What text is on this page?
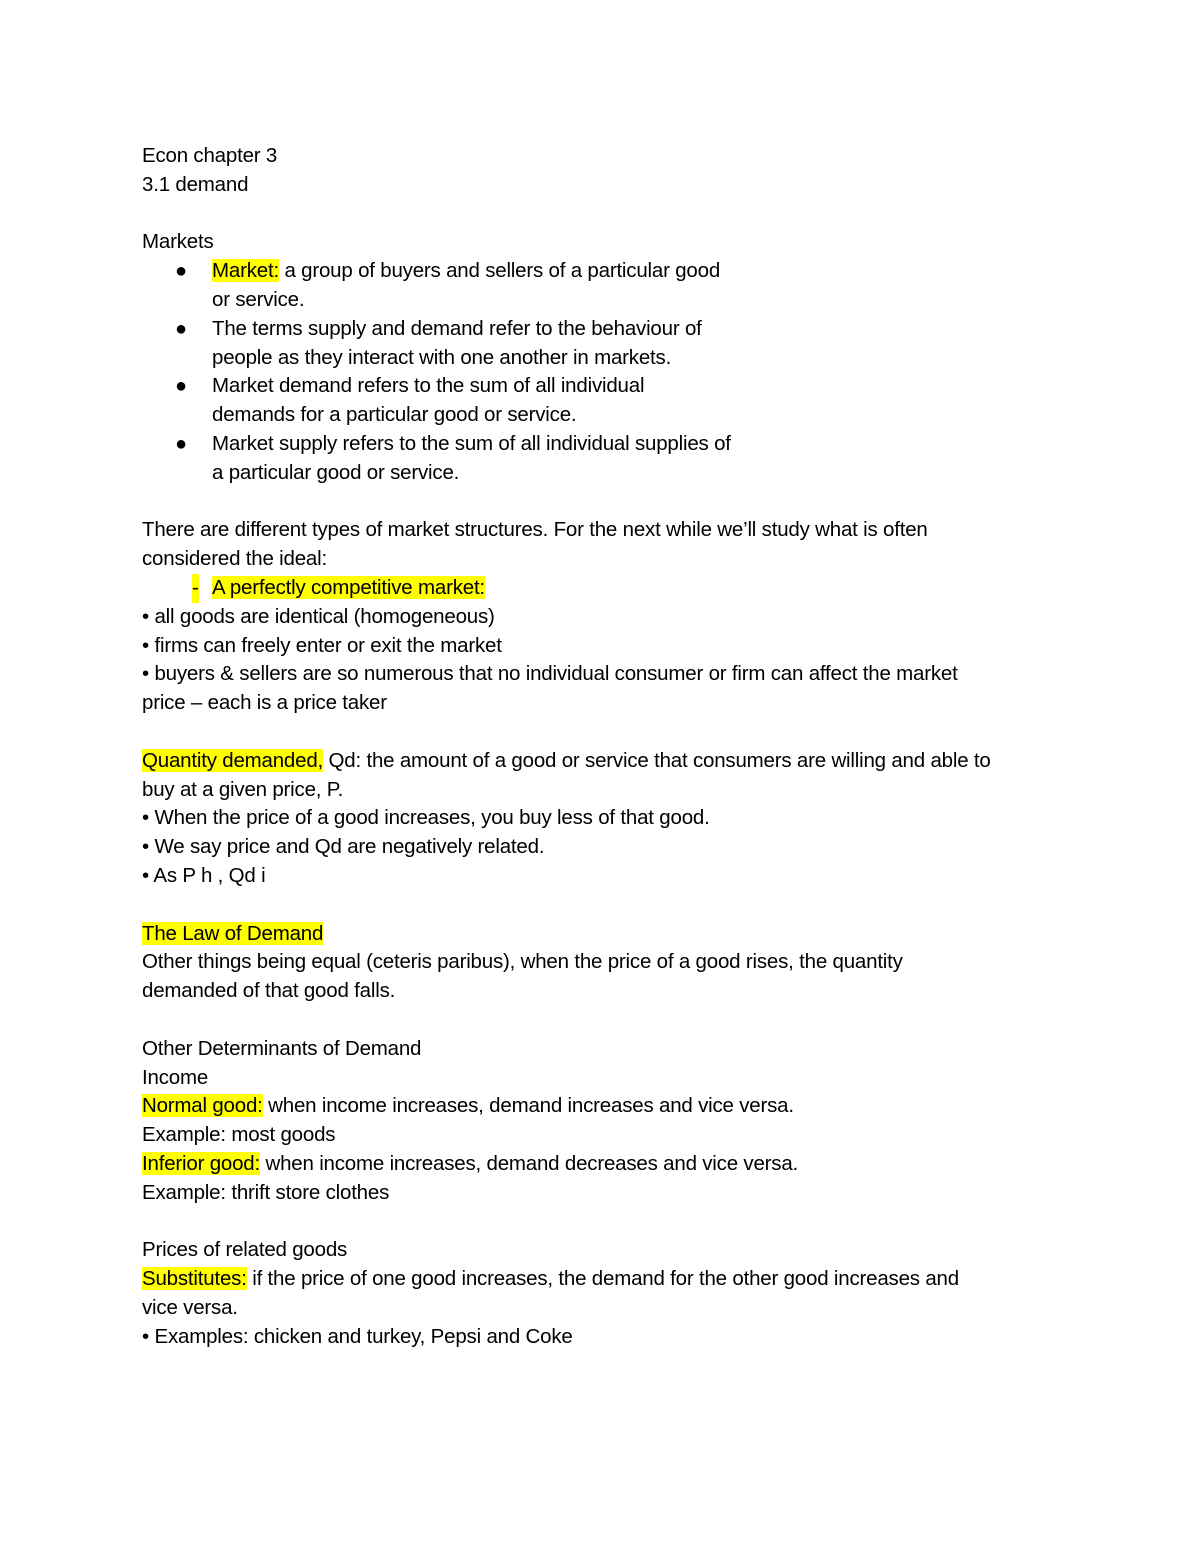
Econ chapter 3
3.1 demand
Markets
● Market: a group of buyers and sellers of a particular good or service.
● The terms supply and demand refer to the behaviour of people as they interact with one another in markets.
● Market demand refers to the sum of all individual demands for a particular good or service.
● Market supply refers to the sum of all individual supplies of a particular good or service.
There are different types of market structures. For the next while we’ll study what is often
considered the ideal:
- A perfectly competitive market:
• all goods are identical (homogeneous)
• firms can freely enter or exit the market
• buyers & sellers are so numerous that no individual consumer or firm can affect the market
price – each is a price taker
Quantity demanded, Qd: the amount of a good or service that consumers are willing and able to
buy at a given price, P.
• When the price of a good increases, you buy less of that good.
• We say price and Qd are negatively related.
• As P h , Qd i
The Law of Demand
Other things being equal (ceteris paribus), when the price of a good rises, the quantity
demanded of that good falls.
Other Determinants of Demand
Income
Normal good: when income increases, demand increases and vice versa.
Example: most goods
Inferior good: when income increases, demand decreases and vice versa.
Example: thrift store clothes
Prices of related goods
Substitutes: if the price of one good increases, the demand for the other good increases and
vice versa.
• Examples: chicken and turkey, Pepsi and Coke
